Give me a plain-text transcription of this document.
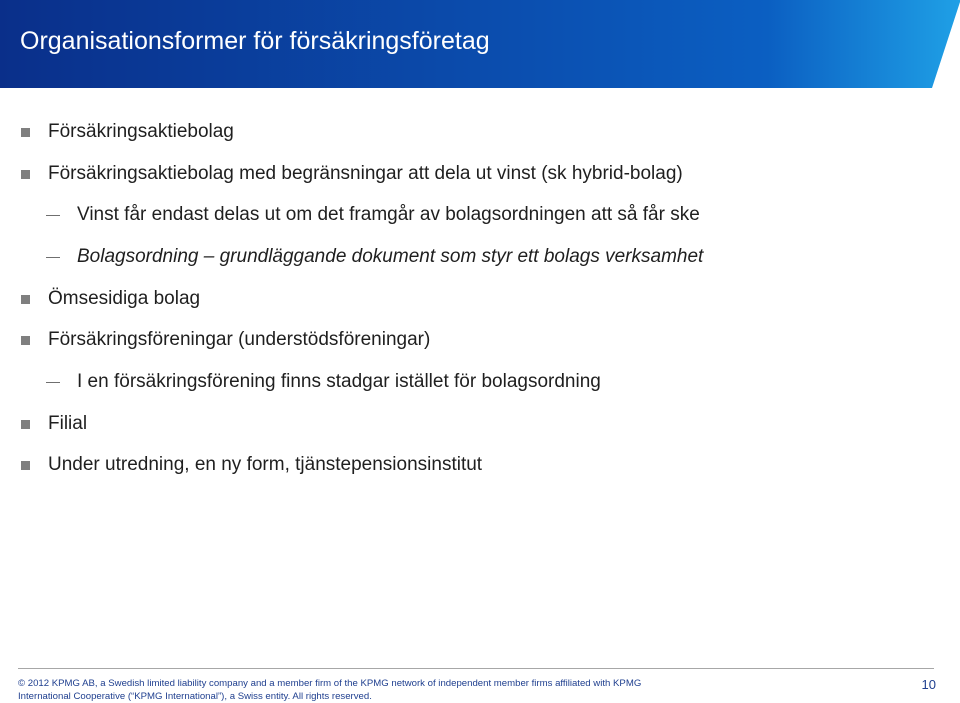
Organisationsformer för försäkringsföretag
Försäkringsaktiebolag
Försäkringsaktiebolag med begränsningar att dela ut vinst (sk hybrid-bolag)
Vinst får endast delas ut om det framgår av bolagsordningen att så får ske
Bolagsordning – grundläggande dokument som styr ett bolags verksamhet
Ömsesidiga bolag
Försäkringsföreningar (understödsföreningar)
I en försäkringsförening finns stadgar istället för bolagsordning
Filial
Under utredning, en ny form, tjänstepensionsinstitut
© 2012 KPMG AB, a Swedish limited liability company and a member firm of the KPMG network of independent member firms affiliated with KPMG
International Cooperative (“KPMG International”), a Swiss entity. All rights reserved.
10
